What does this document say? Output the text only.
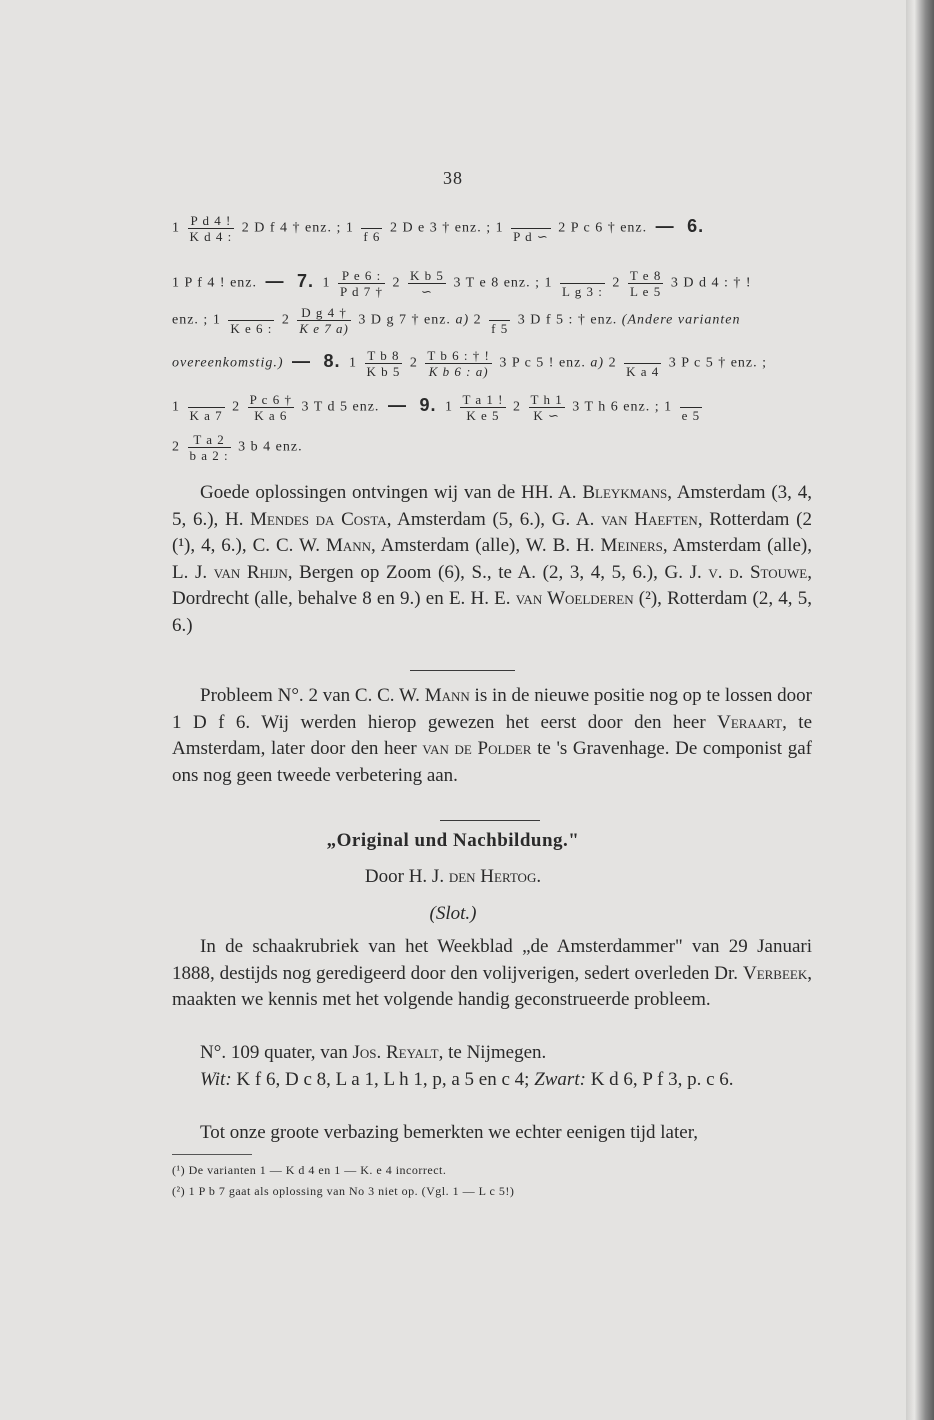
38
$1 \frac{\text{P d 4 !}}{\text{K d 4 :}} 2$ D f 4 † enz. ; 1

f 6
2 D e 3 † enz. ; 1

P d ∽
2 P c 6 † enz. — 6.
1 P f 4 ! enz. — 7. $1 \frac{\text{P e 6 :}}{\text{P d 7 †}} 2 \frac{\text{K b 5}}{∽} 3$ T e 8 enz. ; 1

L g 3 :
$2 \frac{\text{T e 8}}{\text{L e 5}} 3$ D d 4 : † !
enz. ; 1

K e 6 :
$2 \frac{\text{D g 4 †}}{\text{K e 7 a)}} 3$ D g 7 † enz. a) 2

f 5
3 D f 5 : † enz. (Andere varianten
overeenkomstig.) — 8. $1 \frac{\text{T b 8}}{\text{K b 5}} 2 \frac{\text{T b 6 : † !}}{\text{K b 6 : a)}} 3$ P c 5 ! enz. a) 2

K a 4
3 P c 5 † enz. ;
1

K a 7
$2 \frac{\text{P c 6 †}}{\text{K a 6}} 3$ T d 5 enz. — 9. $1 \frac{\text{T a 1 !}}{\text{K e 5}} 2 \frac{\text{T h 1}}{K ∽} 3$ T h 6 enz. ; 1

e 5
$2 \frac{\text{T a 2}}{\text{b a 2 :}} 3$ b 4 enz.

Goede oplossingen ontvingen wij van de HH. A. Bleykmans, Amsterdam (3, 4, 5, 6.), H. Mendes da Costa, Amsterdam (5, 6.), G. A. van Haeften, Rotterdam (2 (¹), 4, 6.), C. C. W. Mann, Amsterdam (alle), W. B. H. Meiners, Amsterdam (alle), L. J. van Rhijn, Bergen op Zoom (6), S., te A. (2, 3, 4, 5, 6.), G. J. v. d. Stouwe, Dordrecht (alle, behalve 8 en 9.) en E. H. E. van Woelderen (²), Rotterdam (2, 4, 5, 6.)

Probleem N°. 2 van C. C. W. Mann is in de nieuwe positie nog op te lossen door 1 D f 6. Wij werden hierop gewezen het eerst door den heer Veraart, te Amsterdam, later door den heer van de Polder te 's Gravenhage. De componist gaf ons nog geen tweede verbetering aan.

„Original und Nachbildung."
Door H. J. den Hertog.
(Slot.)

In de schaakrubriek van het Weekblad „de Amsterdammer" van 29 Januari 1888, destijds nog geredigeerd door den volijverigen, sedert overleden Dr. Verbeek, maakten we kennis met het volgende handig geconstrueerde probleem.

N°. 109 quater, van Jos. Reyalt, te Nijmegen.

Wit: K f 6, D c 8, L a 1, L h 1, p, a 5 en c 4; Zwart: K d 6, P f 3, p. c 6.

Tot onze groote verbazing bemerkten we echter eenigen tijd later,

(¹) De varianten 1 — K d 4 en 1 — K. e 4 incorrect.
(²) 1 P b 7 gaat als oplossing van No 3 niet op. (Vgl. 1 — L c 5!)
